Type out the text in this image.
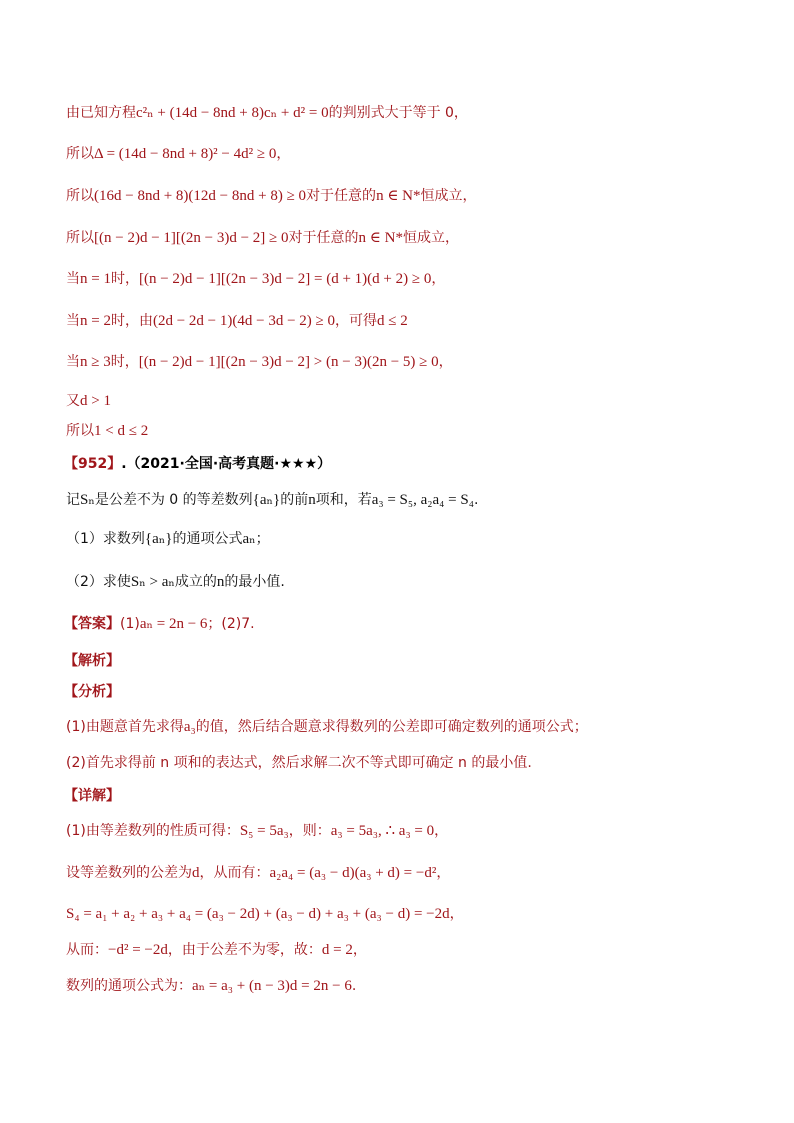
由已知方程c²ₙ + (14d − 8nd + 8)cₙ + d² = 0的判别式大于等于 0，
所以Δ = (14d − 8nd + 8)² − 4d² ≥ 0，
所以(16d − 8nd + 8)(12d − 8nd + 8) ≥ 0对于任意的n ∈ N*恒成立，
所以[(n − 2)d − 1][(2n − 3)d − 2] ≥ 0对于任意的n ∈ N*恒成立，
当n = 1时，[(n − 2)d − 1][(2n − 3)d − 2] = (d + 1)(d + 2) ≥ 0，
当n = 2时，由(2d − 2d − 1)(4d − 3d − 2) ≥ 0，可得d ≤ 2
当n ≥ 3时，[(n − 2)d − 1][(2n − 3)d − 2] > (n − 3)(2n − 5) ≥ 0，
又d > 1
所以1 < d ≤ 2
【952】.（2021·全国·高考真题·★★★）
记Sₙ是公差不为 0 的等差数列{aₙ}的前n项和，若a₃ = S₅, a₂a₄ = S₄.
（1）求数列{aₙ}的通项公式aₙ；
（2）求使Sₙ > aₙ成立的n的最小值.
【答案】(1)aₙ = 2n − 6；(2)7.
【解析】
【分析】
(1)由题意首先求得a₃的值，然后结合题意求得数列的公差即可确定数列的通项公式；
(2)首先求得前 n 项和的表达式，然后求解二次不等式即可确定 n 的最小值.
【详解】
(1)由等差数列的性质可得：S₅ = 5a₃，则：a₃ = 5a₃, ∴ a₃ = 0，
设等差数列的公差为d，从而有：a₂a₄ = (a₃ − d)(a₃ + d) = −d²，
S₄ = a₁ + a₂ + a₃ + a₄ = (a₃ − 2d) + (a₃ − d) + a₃ + (a₃ − d) = −2d，
从而：−d² = −2d，由于公差不为零，故：d = 2，
数列的通项公式为：aₙ = a₃ + (n − 3)d = 2n − 6.
